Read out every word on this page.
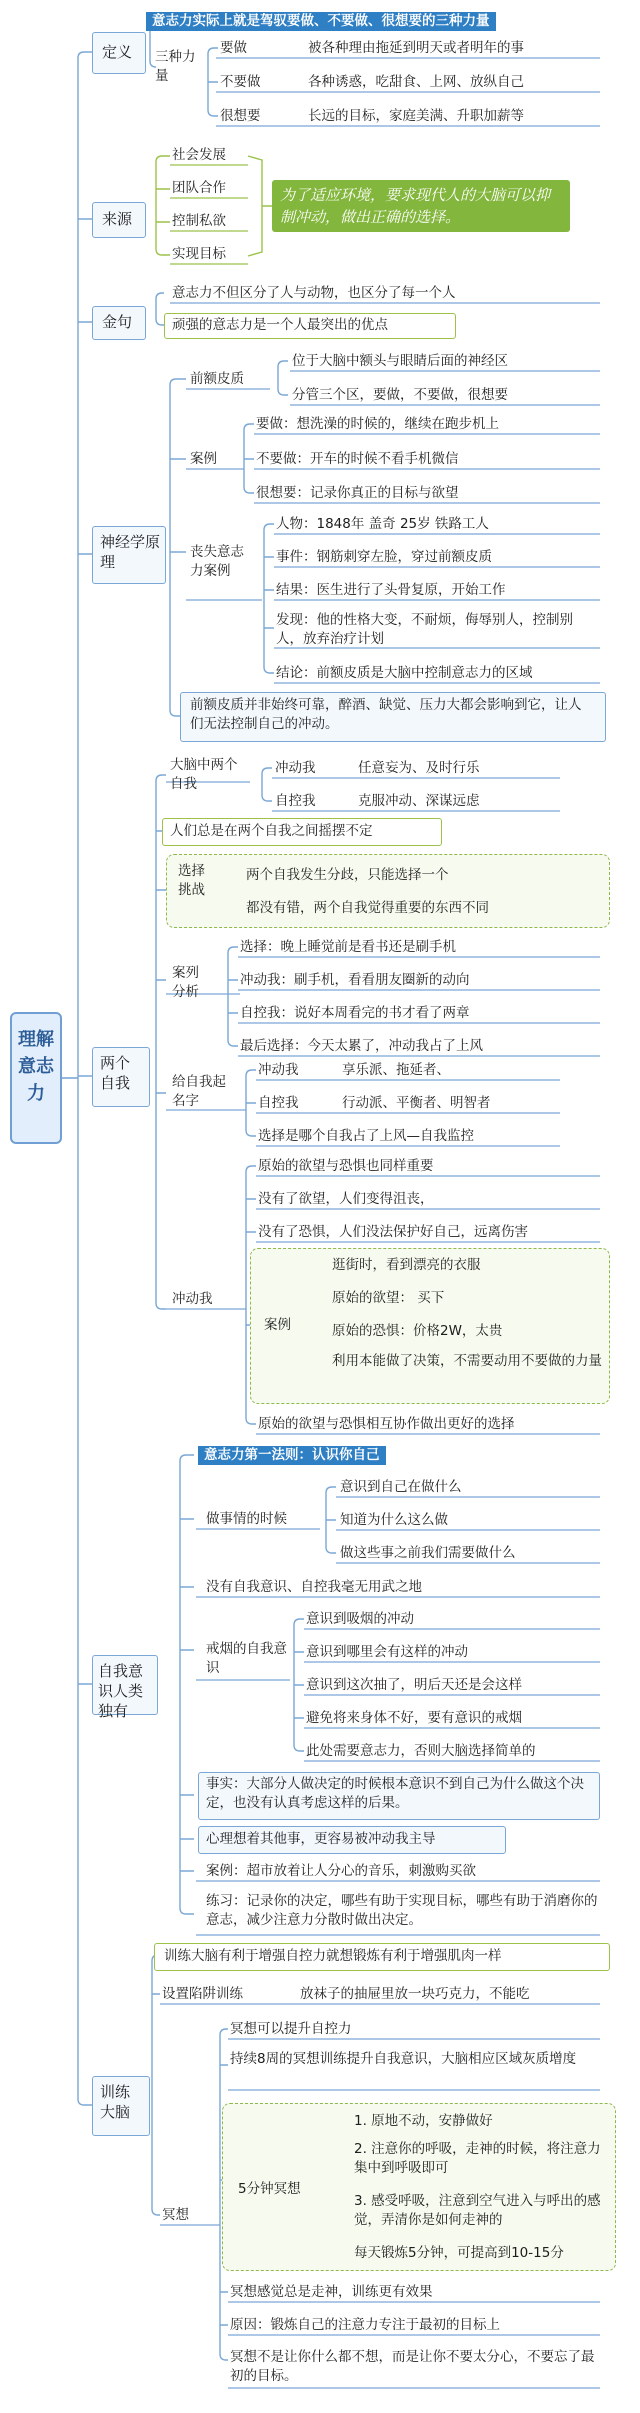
理解意志力
定义
意志力实际上就是驾驭要做、不要做、很想要的三种力量
三种力量
要做	被各种理由拖延到明天或者明年的事
不要做	各种诱惑，吃甜食、上网、放纵自己
很想要	长远的目标，家庭美满、升职加薪等
来源
社会发展
团队合作
控制私欲
实现目标
为了适应环境，要求现代人的大脑可以抑制冲动，做出正确的选择。
金句
意志力不但区分了人与动物，也区分了每一个人
顽强的意志力是一个人最突出的优点
神经学原理
前额皮质
位于大脑中额头与眼睛后面的神经区
分管三个区，要做，不要做，很想要
案例
要做：想洗澡的时候的，继续在跑步机上
不要做：开车的时候不看手机微信
很想要：记录你真正的目标与欲望
丧失意志力案例
人物：1848年 盖奇 25岁 铁路工人
事件：钢筋刺穿左脸，穿过前额皮质
结果：医生进行了头骨复原，开始工作
发现：他的性格大变，不耐烦，侮辱别人，控制别人，放弃治疗计划
结论：前额皮质是大脑中控制意志力的区域
前额皮质并非始终可靠，醉酒、缺觉、压力大都会影响到它，让人们无法控制自己的冲动。
两个自我
大脑中两个自我
冲动我	任意妄为、及时行乐
自控我	克服冲动、深谋远虑
人们总是在两个自我之间摇摆不定
选择挑战
两个自我发生分歧，只能选择一个
都没有错，两个自我觉得重要的东西不同
案列分析
选择：晚上睡觉前是看书还是刷手机
冲动我：刷手机，看看朋友圈新的动向
自控我：说好本周看完的书才看了两章
最后选择：今天太累了，冲动我占了上风
给自我起名字
冲动我	享乐派、拖延者、
自控我	行动派、平衡者、明智者
选择是哪个自我占了上风—自我监控
冲动我
原始的欲望与恐惧也同样重要
没有了欲望，人们变得沮丧，
没有了恐惧，人们没法保护好自己，远离伤害
案例
逛街时，看到漂亮的衣服
原始的欲望： 买下
原始的恐惧：价格2W，太贵
利用本能做了决策，不需要动用不要做的力量
原始的欲望与恐惧相互协作做出更好的选择
自我意识人类独有
意志力第一法则：认识你自己
做事情的时候
意识到自己在做什么
知道为什么这么做
做这些事之前我们需要做什么
没有自我意识、自控我毫无用武之地
戒烟的自我意识
意识到吸烟的冲动
意识到哪里会有这样的冲动
意识到这次抽了，明后天还是会这样
避免将来身体不好，要有意识的戒烟
此处需要意志力，否则大脑选择简单的
事实：大部分人做决定的时候根本意识不到自己为什么做这个决定，也没有认真考虑这样的后果。
心理想着其他事，更容易被冲动我主导
案例：超市放着让人分心的音乐，刺激购买欲
练习：记录你的决定，哪些有助于实现目标，哪些有助于消磨你的意志，减少注意力分散时做出决定。
训练大脑
训练大脑有利于增强自控力就想锻炼有利于增强肌肉一样
设置陷阱训练	放袜子的抽屉里放一块巧克力，不能吃
冥想
冥想可以提升自控力
持续8周的冥想训练提升自我意识，大脑相应区域灰质增度
5分钟冥想
1. 原地不动，安静做好
2. 注意你的呼吸，走神的时候，将注意力集中到呼吸即可
3. 感受呼吸，注意到空气进入与呼出的感觉，弄清你是如何走神的
每天锻炼5分钟，可提高到10-15分
冥想感觉总是走神，训练更有效果
原因：锻炼自己的注意力专注于最初的目标上
冥想不是让你什么都不想，而是让你不要太分心，不要忘了最初的目标。
